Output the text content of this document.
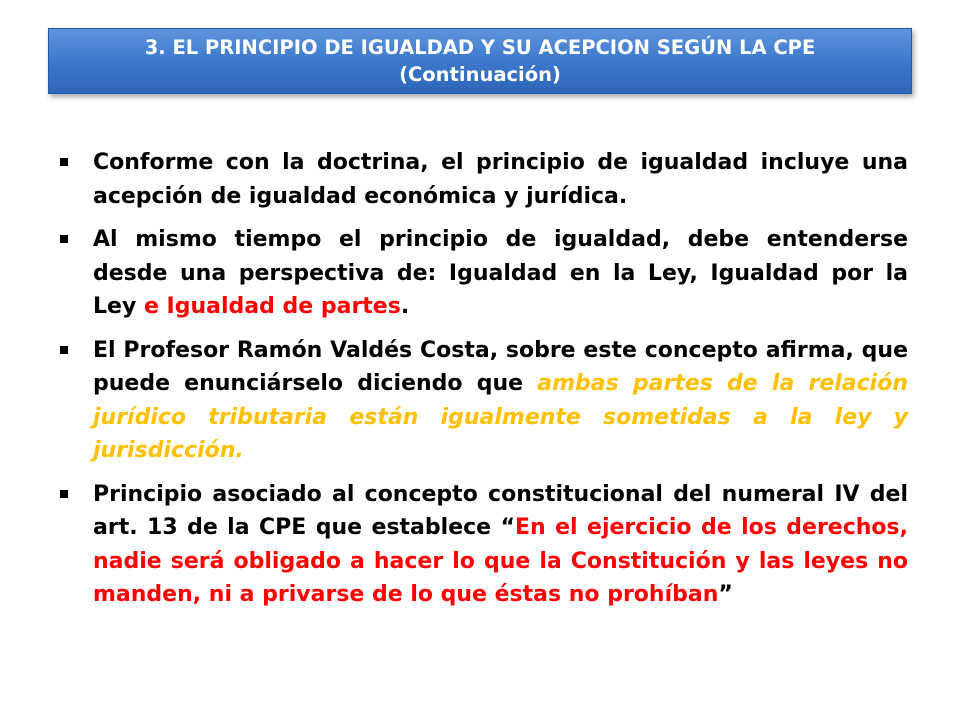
3. EL PRINCIPIO DE IGUALDAD Y SU ACEPCION SEGÚN LA CPE
(Continuación)
Conforme con la doctrina, el principio de igualdad incluye una acepción de igualdad económica y jurídica.
Al mismo tiempo el principio de igualdad, debe entenderse desde una perspectiva de: Igualdad en la Ley, Igualdad por la Ley e Igualdad de partes.
El Profesor Ramón Valdés Costa, sobre este concepto afirma, que puede enunciárselo diciendo que ambas partes de la relación jurídico tributaria están igualmente sometidas a la ley y jurisdicción.
Principio asociado al concepto constitucional del numeral IV del art. 13 de la CPE que establece “En el ejercicio de los derechos, nadie será obligado a hacer lo que la Constitución y las leyes no manden, ni a privarse de lo que éstas no prohíban”
